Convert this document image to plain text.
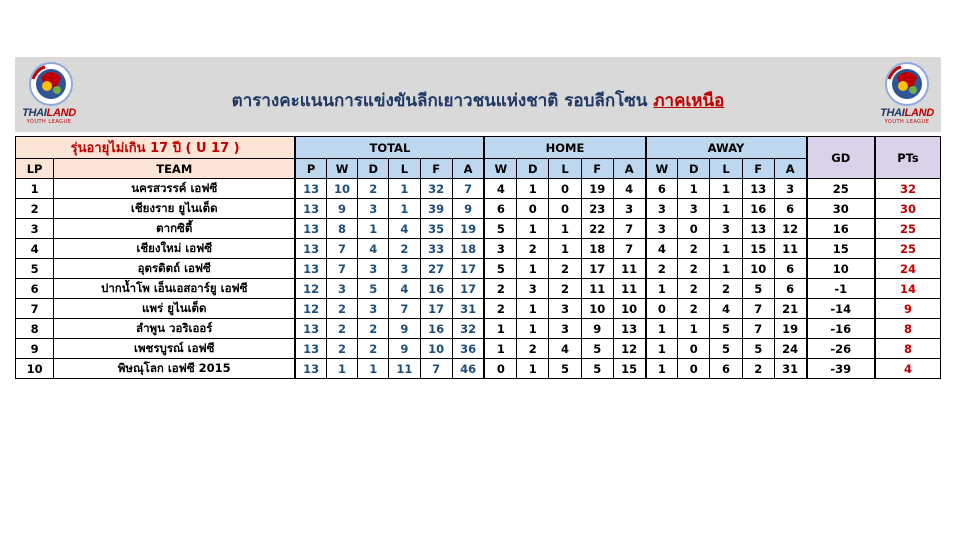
THAILAND
YOUTH LEAGUE
ตารางคะแนนการแข่งขันลีกเยาวชนแห่งชาติ รอบลีกโซน ภาคเหนือ
THAILAND
YOUTH LEAGUE
รุ่นอายุไม่เกิน 17 ปี ( U 17 )		TOTAL						HOME					AWAY					GD	PTs
LP	TEAM	P	W	D	L	F	A	W	D	L	F	A	W	D	L	F	A		
1	นครสวรรค์ เอฟซี	13	10	2	1	32	7	4	1	0	19	4	6	1	1	13	3	25	32
2	เชียงราย ยูไนเต็ด	13	9	3	1	39	9	6	0	0	23	3	3	3	1	16	6	30	30
3	ตากซิตี้	13	8	1	4	35	19	5	1	1	22	7	3	0	3	13	12	16	25
4	เชียงใหม่ เอฟซี	13	7	4	2	33	18	3	2	1	18	7	4	2	1	15	11	15	25
5	อุตรดิตถ์ เอฟซี	13	7	3	3	27	17	5	1	2	17	11	2	2	1	10	6	10	24
6	ปากน้ำโพ เอ็นเอสอาร์ยู เอฟซี	12	3	5	4	16	17	2	3	2	11	11	1	2	2	5	6	-1	14
7	แพร่ ยูไนเต็ด	12	2	3	7	17	31	2	1	3	10	10	0	2	4	7	21	-14	9
8	ลำพูน วอริเออร์	13	2	2	9	16	32	1	1	3	9	13	1	1	5	7	19	-16	8
9	เพชรบูรณ์ เอฟซี	13	2	2	9	10	36	1	2	4	5	12	1	0	5	5	24	-26	8
10	พิษณุโลก เอฟซี 2015	13	1	1	11	7	46	0	1	5	5	15	1	0	6	2	31	-39	4
